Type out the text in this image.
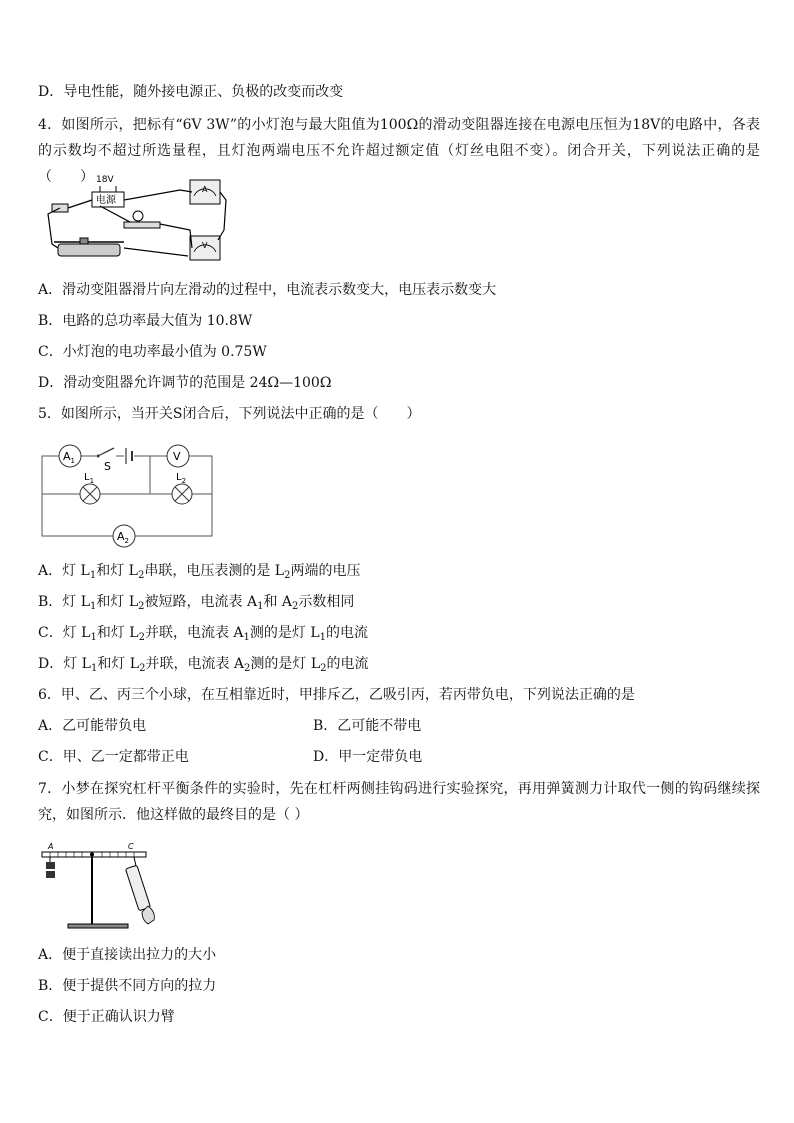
D．导电性能，随外接电源正、负极的改变而改变
4．如图所示，把标有“6V 3W”的小灯泡与最大阻值为100Ω的滑动变阻器连接在电源电压恒为18V的电路中，各表的示数均不超过所选量程，且灯泡两端电压不允许超过额定值（灯丝电阻不变）。闭合开关，下列说法正确的是（　　） 18V
电源
A
V
A．滑动变阻器滑片向左滑动的过程中，电流表示数变大，电压表示数变大
B．电路的总功率最大值为 10.8W
C．小灯泡的电功率最小值为 0.75W
D．滑动变阻器允许调节的范围是 24Ω—100Ω
5．如图所示，当开关S闭合后，下列说法中正确的是（　　）
$A_1$	S
V
$L_1$	$L_2$
$A_2$
A．灯 $L_1$和灯 $L_2$串联，电压表测的是 $L_2$两端的电压
B．灯 $L_1$和灯 $L_2$被短路，电流表 $A_1$和 $A_2$示数相同
C．灯 $L_1$和灯 $L_2$并联，电流表 $A_1$测的是灯 $L_1$的电流
D．灯 $L_1$和灯 $L_2$并联，电流表 $A_2$测的是灯 $L_2$的电流
6．甲、乙、丙三个小球，在互相靠近时，甲排斥乙，乙吸引丙，若丙带负电，下列说法正确的是
A．乙可能带负电	B．乙可能不带电
C．甲、乙一定都带正电	D．甲一定带负电
7．小梦在探究杠杆平衡条件的实验时，先在杠杆两侧挂钩码进行实验探究，再用弹簧测力计取代一侧的钩码继续探究，如图所示．他这样做的最终目的是（ ）
A	C
A．便于直接读出拉力的大小
B．便于提供不同方向的拉力
C．便于正确认识力臂
